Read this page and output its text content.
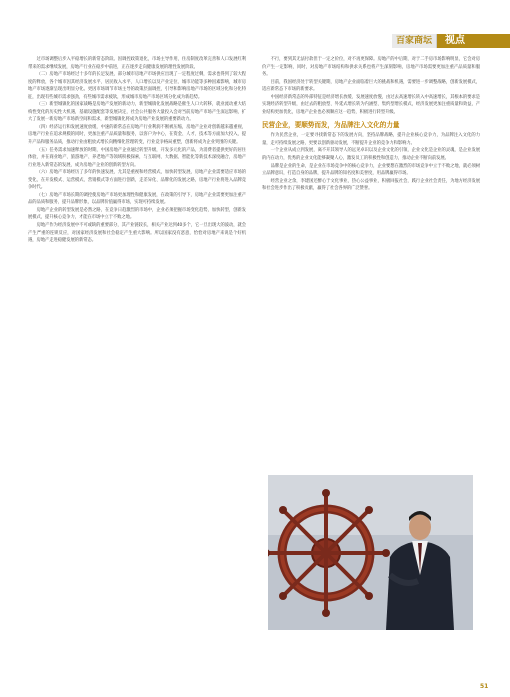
百家商坛	视点

过市场调整后步入平稳增长的新常态阶段。因调控政策退化，市场主导作用，住房制度改革完善和人口发展红利带来的需求继续发展，房地产行业在稳步中前进，正在逐步走向健康发展的理性发展阶段。

（二）房地产市场经过十多年的长足发展，部分城市房地产市场供应出现了一定程度过剩，需求也得到了较大程度的释放，各个城市因其经济发展水平、居民收入水平、人口增长以及产业定位、城市功能等多种因素影响，城市房地产市场逐渐呈现出明显分化。更因市场调节市场主导的政策层面调控，引导和影响房地产市场的区域分化和分化特征，出现有些城市需求强劲，有些城市需求疲软，形成城市房地产市场区域分化成为新趋势。

（三）新型城镇化的国家战略是房地产发展的新动力，新型城镇化发展战略是催生人口大转移，就业流动重大结构性变化的历史性大机遇，基础设施配套等发展决定，社会公共服务大量投入会对当前房地产市场产生深远影响，扩大了发展一新房地产市场新空间和需求，新型城镇化将成为房地产业发展的重要新动力。

（四）经济运行和发展速度放缓，中速的新常态在房地产行业利润不断被压缩，房地产企业对创新越来越重视，房地产行业在追求规模的同时，更加注重产品质量和服务，以客户为中心，在资金、人才、技术等方面加大投入，提升产品和服务品质，推动行业由粗放式增长向精细化管理转变，行业竞争格局重塑，创新将成为企业突围的关键。

（五）任务需求加速释放的时期，中国房地产企业通过转型升级，开发多元化的产品，为消费者提供更好的居住体验，并在商业地产、旅游地产、养老地产等领域积极探索，与互联网、大数据、智能化等新技术深度融合，房地产行业进入新常态的发展，成为房地产企业的创新转型方向。

（六）房地产市场经历了多年的快速发展，尤其是重视和经营模式，加快转型发展，房地产企业需要适应市场的变化，在开发模式、运营模式、营销模式等方面进行创新，走差异化、品牌化的发展之路，房地产行业将进入品牌竞争时代。

（七）房地产市场长期的调控使房地产市场更加理性和健康发展，在政策的引导下，房地产企业需要更加注重产品的品质和服务，提升品牌形象，以品牌价值赢得市场，实现可持续发展。

房地产企业的转型发展是必然之路，在竞争日趋激烈的市场中，企业必须把握市场变化趋势，加快转型，创新发展模式，提升核心竞争力，才能在市场中立于不败之地。

房地产作为经济发展中不可或缺的重要部分，其产业链较长，相关产业达到40多个，它一旦出现大的波动，就会产生严重的连锁反应，对国家经济发展和社会稳定产生重大影响。所以国家没有恶意，恰恰对房地产来说是个好机遇，房地产走进稳健发展的新常态。

不行，要到其无法付款但于一定之价位，对不再更保障。房地产的中后期，对于二手房市场影响明显，它会对房价产生一定影响，同时，对房地产市场结构和供求关系也将产生深刻影响，房地产市场需要更加注重产品质量和服务。

目前，我国经济处于转型关键期，房地产企业面临着巨大的挑战和机遇，需要进一步调整战略，创新发展模式，适应新常态下市场的新要求。

中国经济新常态的外部特征是经济增长放缓、发展速度放慢，由过去高速增长转入中高速增长，其根本的要求是实现经济转型升级，由过去的粗放型、外延式增长转为内涵型、集约型增长模式，经济发展更加注重质量和效益，产业结构更加优化，房地产企业也必须顺应这一趋势，积极进行转型升级。

民营企业，要顺势而发，为品牌注入文化的力量

作为民营企业，一定要寻找新常态下的发展方向，坚持品牌战略，提升企业核心竞争力，为品牌注入文化的力量，走可持续发展之路，更要以创新驱动发展，不断提升企业的竞争力和影响力。

一个企业从成立到发展，离不开其领导人的远见卓识以及企业文化的引领，企业文化是企业的灵魂，是企业发展的内在动力，优秀的企业文化能够凝聚人心，激发员工的积极性和创造力，推动企业不断向前发展。

品牌是企业的生命，是企业在市场竞争中的核心竞争力，企业要想在激烈的市场竞争中立于不败之地，就必须树立品牌意识，打造自身的品牌，提升品牌的知名度和美誉度，用品牌赢得市场。

经营企业之余，李建国还醉心于文化事业，热心公益事业，积极回报社会，践行企业社会责任，为地方经济发展和社会进步作出了积极贡献，赢得了社会各界的广泛赞誉。

51
